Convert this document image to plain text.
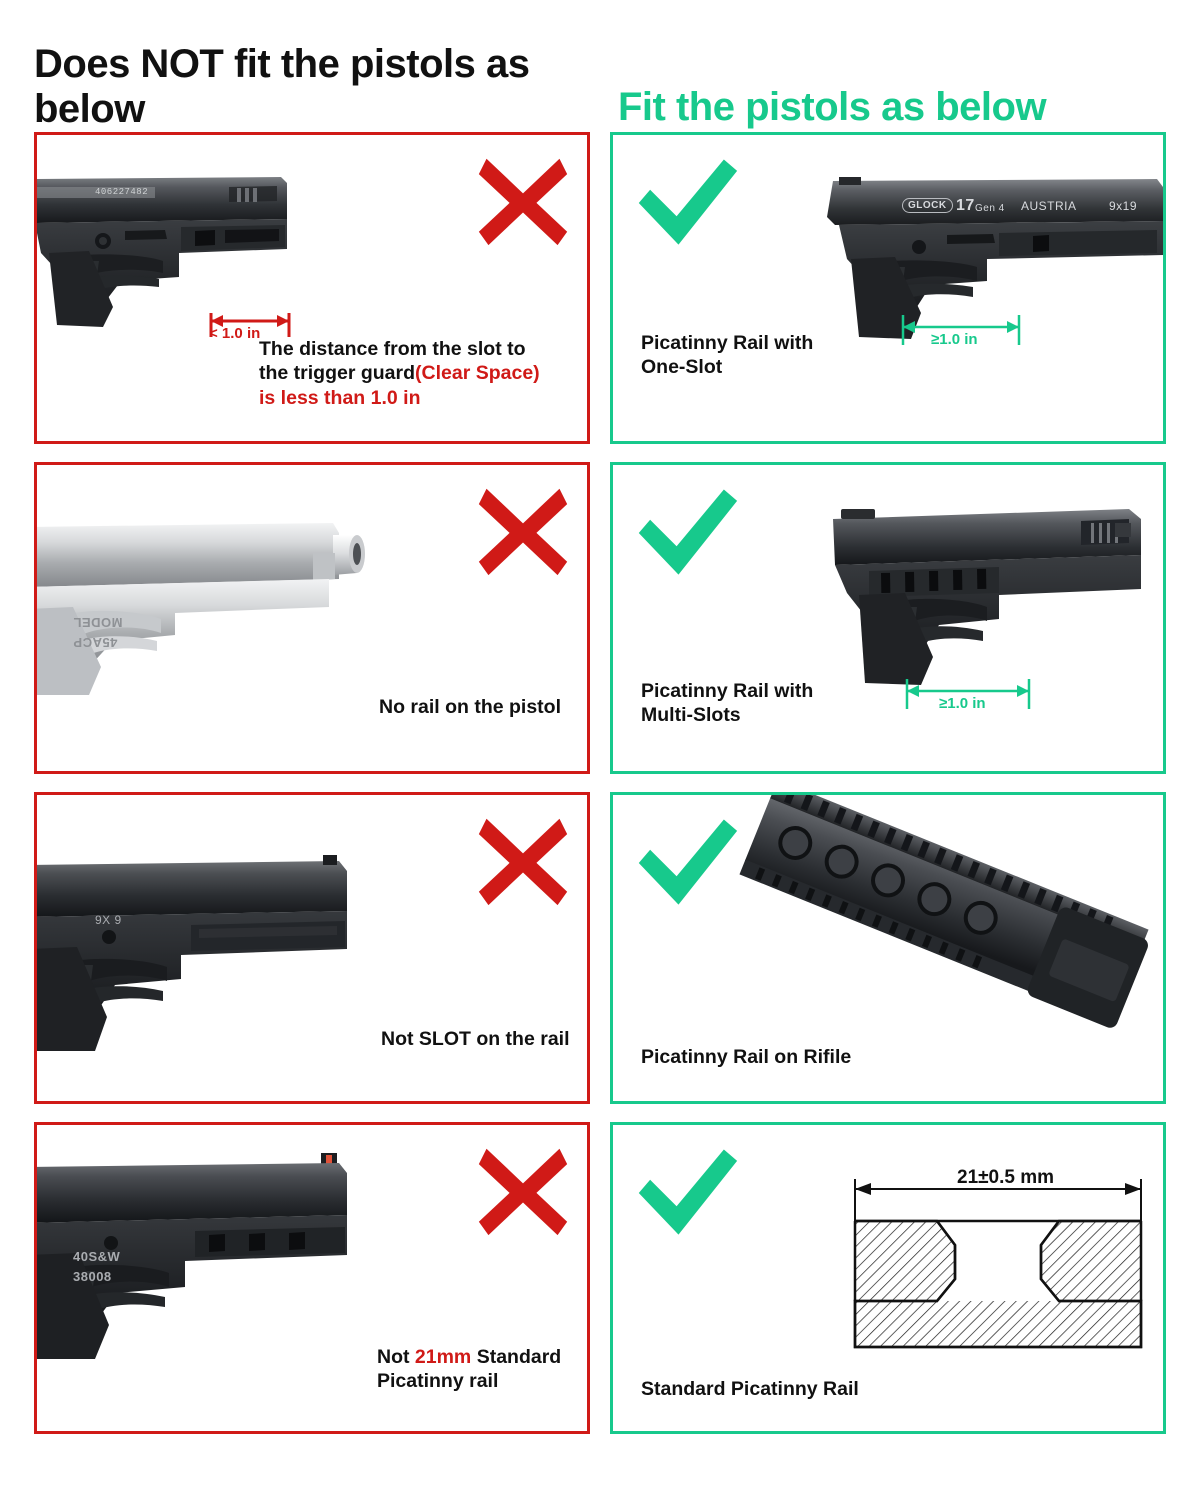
Does NOT fit the pistols as below	Fit the pistols as below
406227482
< 1.0 in
The distance from the slot to
the trigger guard(Clear Space)
is less than 1.0 in
GLOCK 17 Gen 4 AUSTRIA	9x19
≥1.0 in
Picatinny Rail with
One-Slot
MODEL
45ACP
No rail on the pistol	≥1.0 in
Picatinny Rail with
Multi-Slots
9X 9
Not SLOT on the rail
Picatinny Rail on Rifile
40S&W
38008
Not 21mm Standard
Picatinny rail
21±0.5 mm
Standard Picatinny Rail
